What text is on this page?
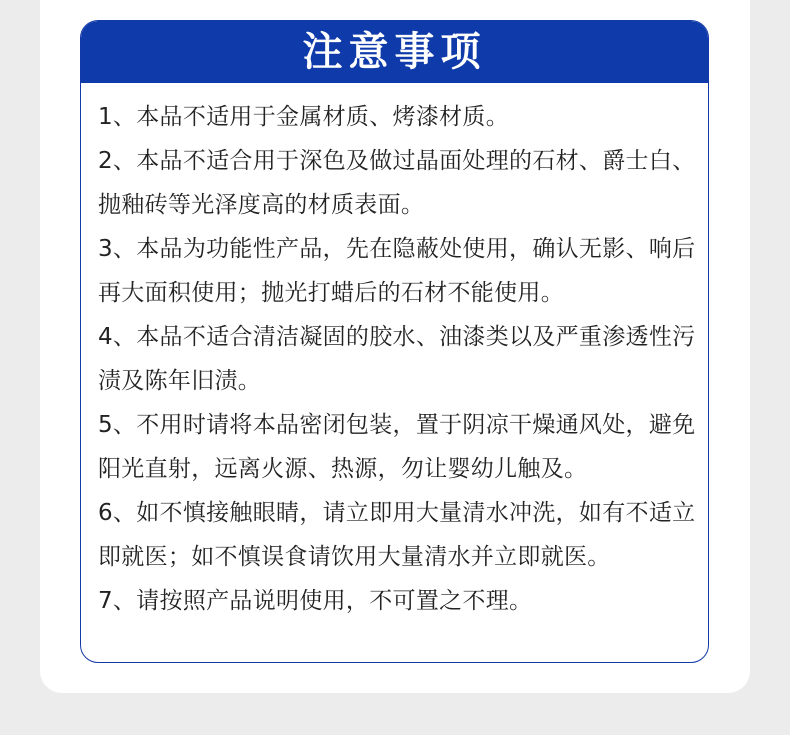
注意事项

1、本品不适用于金属材质、烤漆材质。

2、本品不适合用于深色及做过晶面处理的石材、爵士白、抛釉砖等光泽度高的材质表面。

3、本品为功能性产品，先在隐蔽处使用，确认无影、响后再大面积使用；抛光打蜡后的石材不能使用。

4、本品不适合清洁凝固的胶水、油漆类以及严重渗透性污渍及陈年旧渍。

5、不用时请将本品密闭包装，置于阴凉干燥通风处，避免阳光直射，远离火源、热源，勿让婴幼儿触及。

6、如不慎接触眼睛，请立即用大量清水冲洗，如有不适立即就医；如不慎误食请饮用大量清水并立即就医。

7、请按照产品说明使用，不可置之不理。
